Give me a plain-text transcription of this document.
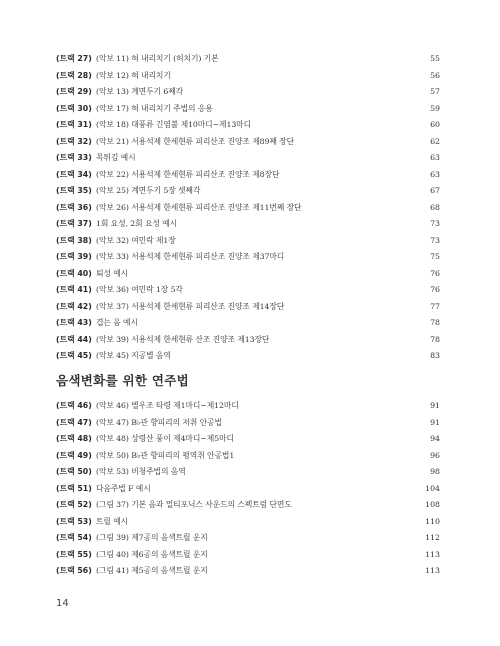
(트랙 27) (악보 11) 혀 내리치기 (허치기) 기본	55
(트랙 28) (악보 12) 혀 내리치기	56
(트랙 29) (악보 13) 계면두기 6째각	57
(트랙 30) (악보 17) 혀 내리치기 주법의 응용	59
(트랙 31) (악보 18) 대풍류 긴염불 제10마디~제13마디	60
(트랙 32) (악보 21) 서용석제 한세현류 피리산조 진양조 제89째 장단	62
(트랙 33) 목튀김 예시	63
(트랙 34) (악보 22) 서용석제 한세현류 피리산조 진양조 제8장단	63
(트랙 35) (악보 25) 계면두기 5장 셋째각	67
(트랙 36) (악보 26) 서용석제 한세현류 피리산조 진양조 제11번째 장단	68
(트랙 37) 1회 요성, 2회 요성 예시	73
(트랙 38) (악보 32) 여민락 제1장	73
(트랙 39) (악보 33) 서용석제 한세현류 피리산조 진양조 제37마디	75
(트랙 40) 퇴성 예시	76
(트랙 41) (악보 36) 여민락 1장 5각	76
(트랙 42) (악보 37) 서용석제 한세현류 피리산조 진양조 제14장단	77
(트랙 43) 겹는 음 예시	78
(트랙 44) (악보 39) 서용석제 한세현류 산조 진양조 제13장단	78
(트랙 45) (악보 45) 지공별 음역	83
음색변화를 위한 연주법
(트랙 46) (악보 46) 별우조 타령 제1마디~제12마디	91
(트랙 47) (악보 47) B♭관 향피리의 저취 안공법	91
(트랙 48) (악보 48) 상령산 풍이 제4마디~제5마디	94
(트랙 49) (악보 50) B♭관 향피리의 평역취 안공법1	96
(트랙 50) (악보 53) 비청주법의 음역	98
(트랙 51) 다음주법 F 예시	104
(트랙 52) (그림 37) 기본 음과 멀티포닉스 사운드의 스펙트럼 단면도	108
(트랙 53) 트릴 예시	110
(트랙 54) (그림 39) 제7공의 음색트릴 운지	112
(트랙 55) (그림 40) 제6공의 음색트릴 운지	113
(트랙 56) (그림 41) 제5공의 음색트릴 운지	113
14
